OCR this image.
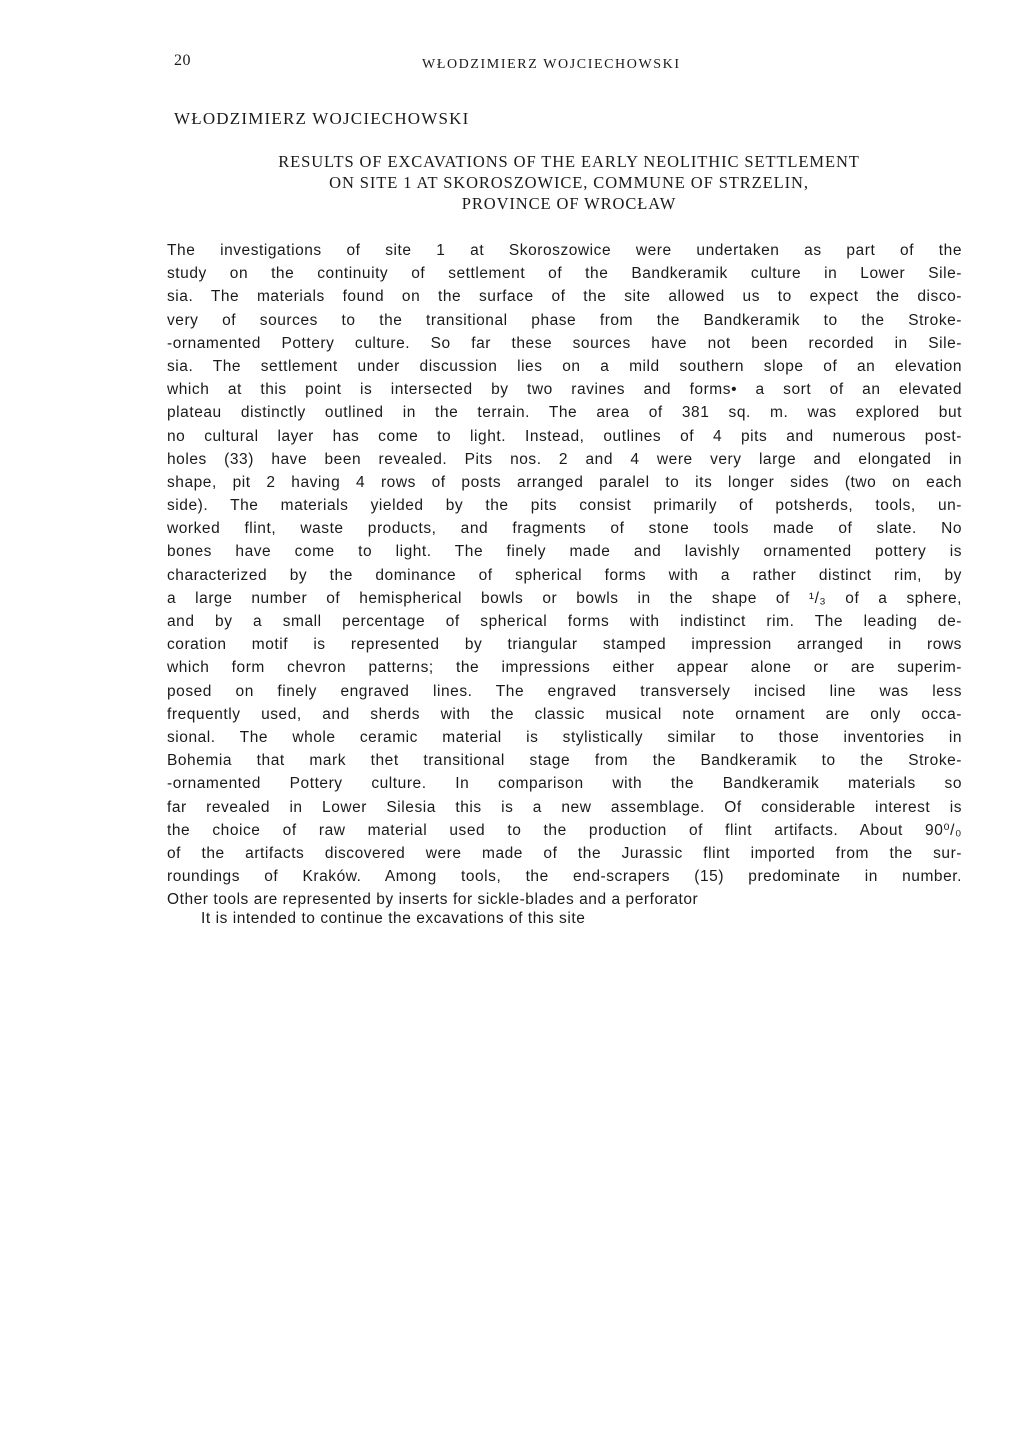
20	WŁODZIMIERZ WOJCIECHOWSKI
WŁODZIMIERZ WOJCIECHOWSKI
RESULTS OF EXCAVATIONS OF THE EARLY NEOLITHIC SETTLEMENT
ON SITE 1 AT SKOROSZOWICE, COMMUNE OF STRZELIN,
PROVINCE OF WROCŁAW
The investigations of site 1 at Skoroszowice were undertaken as part of the
study on the continuity of settlement of the Bandkeramik culture in Lower Sile-
sia. The materials found on the surface of the site allowed us to expect the disco-
very of sources to the transitional phase from the Bandkeramik to the Stroke-
-ornamented Pottery culture. So far these sources have not been recorded in Sile-
sia. The settlement under discussion lies on a mild southern slope of an elevation
which at this point is intersected by two ravines and forms• a sort of an elevated
plateau distinctly outlined in the terrain. The area of 381 sq. m. was explored but
no cultural layer has come to light. Instead, outlines of 4 pits and numerous post-
holes (33) have been revealed. Pits nos. 2 and 4 were very large and elongated in
shape, pit 2 having 4 rows of posts arranged paralel to its longer sides (two on each
side). The materials yielded by the pits consist primarily of potsherds, tools, un-
worked flint, waste products, and fragments of stone tools made of slate. No
bones have come to light. The finely made and lavishly ornamented pottery is
characterized by the dominance of spherical forms with a rather distinct rim, by
a large number of hemispherical bowls or bowls in the shape of ¹/₃ of a sphere,
and by a small percentage of spherical forms with indistinct rim. The leading de-
coration motif is represented by triangular stamped impression arranged in rows
which form chevron patterns; the impressions either appear alone or are superim-
posed on finely engraved lines. The engraved transversely incised line was less
frequently used, and sherds with the classic musical note ornament are only occa-
sional. The whole ceramic material is stylistically similar to those inventories in
Bohemia that mark thet transitional stage from the Bandkeramik to the Stroke-
-ornamented Pottery culture. In comparison with the Bandkeramik materials so
far revealed in Lower Silesia this is a new assemblage. Of considerable interest is
the choice of raw material used to the production of flint artifacts. About 90⁰/₀
of the artifacts discovered were made of the Jurassic flint imported from the sur-
roundings of Kraków. Among tools, the end-scrapers (15) predominate in number.
Other tools are represented by inserts for sickle-blades and a perforator
It is intended to continue the excavations of this site
